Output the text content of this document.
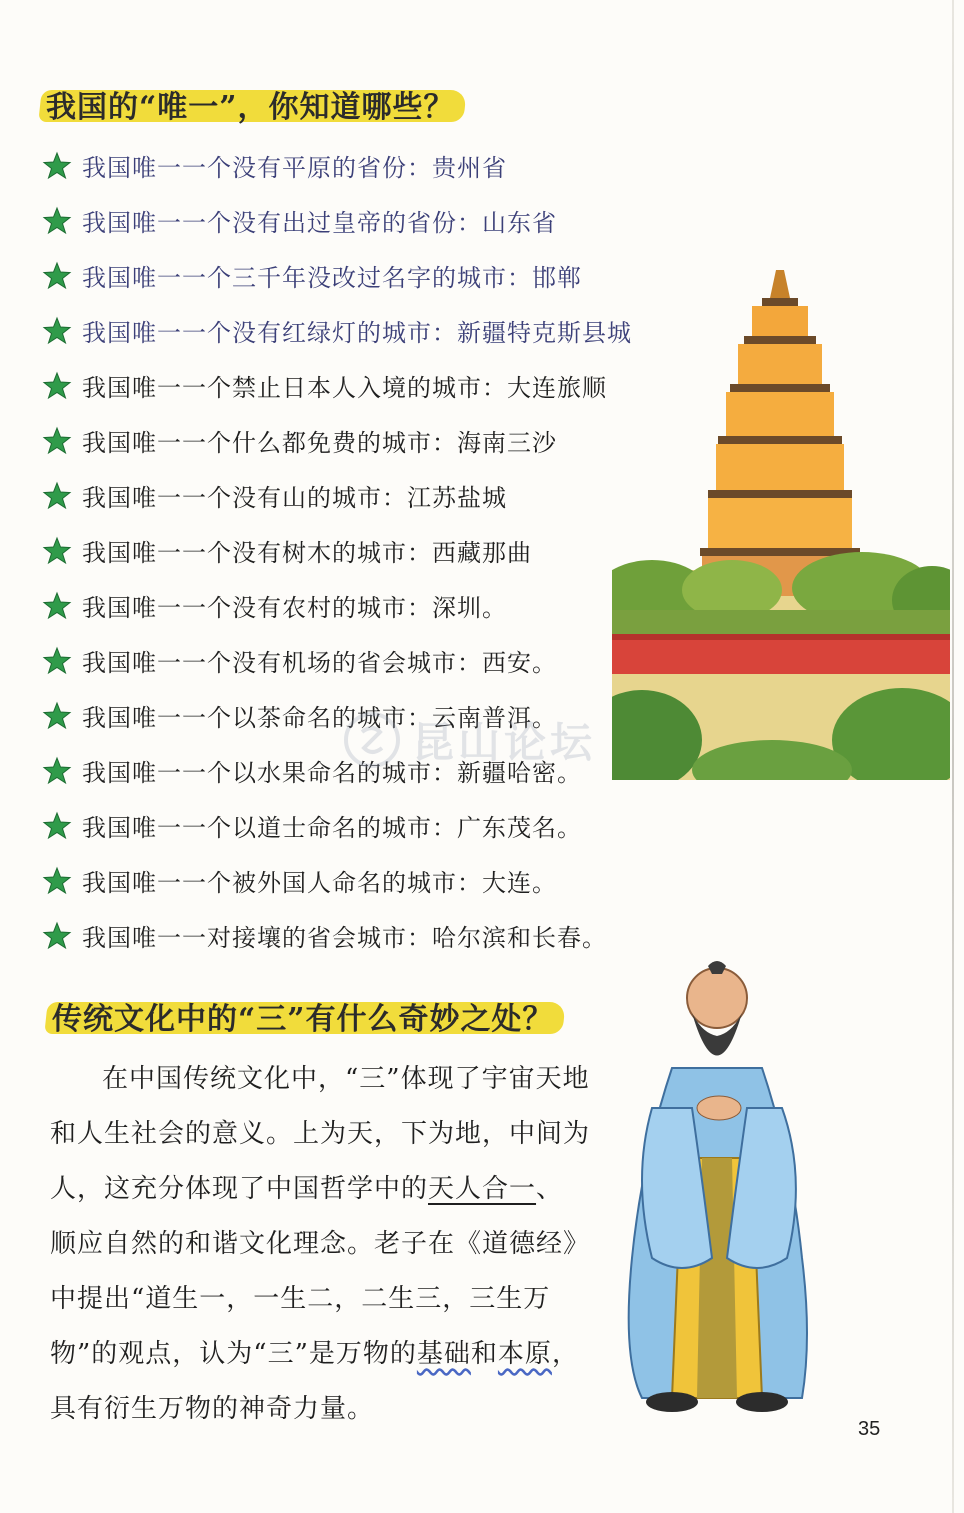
我国的“唯一”，你知道哪些？
我国唯一一个没有平原的省份：贵州省
我国唯一一个没有出过皇帝的省份：山东省
我国唯一一个三千年没改过名字的城市：邯郸
我国唯一一个没有红绿灯的城市：新疆特克斯县城
我国唯一一个禁止日本人入境的城市：大连旅顺
我国唯一一个什么都免费的城市：海南三沙
我国唯一一个没有山的城市：江苏盐城
我国唯一一个没有树木的城市：西藏那曲
我国唯一一个没有农村的城市：深圳。
我国唯一一个没有机场的省会城市：西安。
我国唯一一个以茶命名的城市：云南普洱。
我国唯一一个以水果命名的城市：新疆哈密。
我国唯一一个以道士命名的城市：广东茂名。
我国唯一一个被外国人命名的城市：大连。
我国唯一一对接壤的省会城市：哈尔滨和长春。
昆山论坛
传统文化中的“三”有什么奇妙之处？

在中国传统文化中，“三”体现了宇宙天地和人生社会的意义。上为天，下为地，中间为人，这充分体现了中国哲学中的天人合一、顺应自然的和谐文化理念。老子在《道德经》中提出“道生一，一生二，二生三，三生万物”的观点，认为“三”是万物的基础和本原，具有衍生万物的神奇力量。

35
